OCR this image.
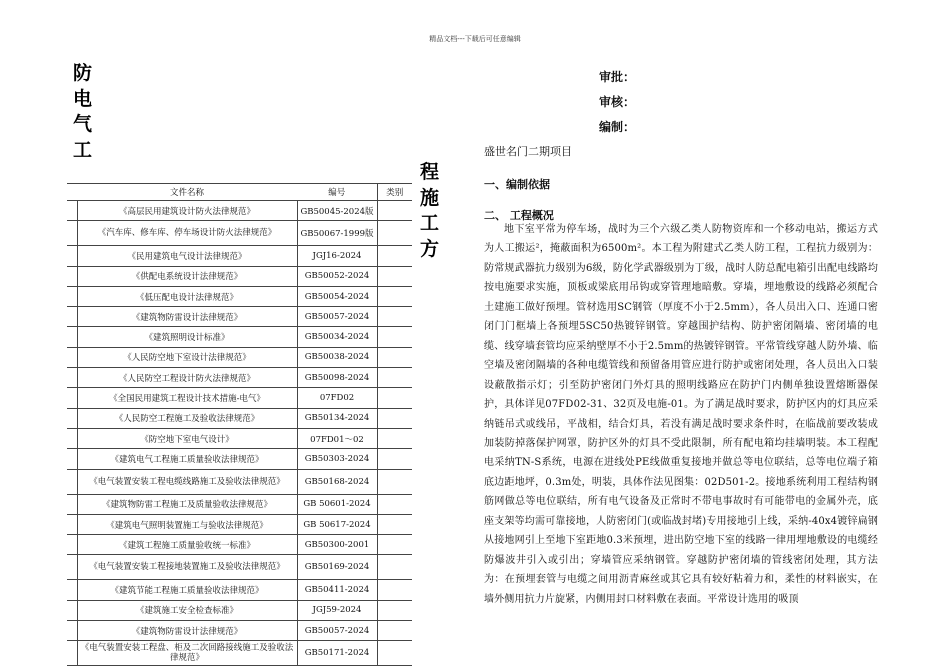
精品文档---下载后可任意编辑
防
电
气
工
程
施
工
方
审批：
审核：
编制：
盛世名门二期项目
一、编制依据
二、 工程概况
	文件名称	编号	类别
	《高层民用建筑设计防火法律规范》	GB50045-2024版	
	《汽车库、修车库、停车场设计防火法律规范》	GB50067-1999版	
	《民用建筑电气设计法律规范》	JGJ16-2024	
	《供配电系统设计法律规范》	GB50052-2024	
	《低压配电设计法律规范》	GB50054-2024	
	《建筑物防雷设计法律规范》	GB50057-2024	
	《建筑照明设计标准》	GB50034-2024	
	《人民防空地下室设计法律规范》	GB50038-2024	
	《人民防空工程设计防火法律规范》	GB50098-2024	
	《全国民用建筑工程设计技术措施-电气》	07FD02	
	《人民防空工程施工及验收法律规范》	GB50134-2024	
	《防空地下室电气设计》	07FD01～02	
	《建筑电气工程施工质量验收法律规范》	GB50303-2024	
	《电气装置安装工程电缆线路施工及验收法律规范》	GB50168-2024	
	《建筑物防雷工程施工及质量验收法律规范》	GB 50601-2024	
	《建筑电气照明装置施工与验收法律规范》	GB 50617-2024	
	《建筑工程施工质量验收统一标准》	GB50300-2001	
	《电气装置安装工程接地装置施工及验收法律规范》	GB50169-2024	
	《建筑节能工程施工质量验收法律规范》	GB50411-2024	
	《建筑施工安全检查标准》	JGJ59-2024	
	《建筑物防雷设计法律规范》	GB50057-2024	
	《电气装置安装工程盘、柜及二次回路接线施工及验收法律规范》	GB50171-2024	

地下室平常为停车场，战时为三个六级乙类人防物资库和一个移动电站，搬运方式为人工搬运²，掩蔽面积为6500m²。本工程为附建式乙类人防工程，工程抗力级别为：防常规武器抗力级别为6级，防化学武器级别为丁级，战时人防总配电箱引出配电线路均按电施要求实施，顶板或梁底用吊钩或穿管理地暗敷。穿墙，埋地敷设的线路必须配合土建施工做好预埋。管材选用SC钢管（厚度不小于2.5mm），各人员出入口、连通口密闭门门框墙上各预埋5SC50热镀锌钢管。穿越围护结构、防护密闭隔墙、密闭墙的电缆、线穿墙套管均应采纳壁厚不小于2.5mm的热镀锌钢管。平常管线穿越人防外墙、临空墙及密闭隔墙的各种电缆管线和预留备用管应进行防护或密闭处理，各人员出入口装设蔽散指示灯；引至防护密闭门外灯具的照明线路应在防护门内侧单独设置熔断器保护，具体详见07FD02-31、32页及电施-01。为了满足战时要求，防护区内的灯具应采纳链吊式或线吊，平战相，结合灯具，若没有满足战时要求条件时，在临战前要改装成加装防掉落保护网罩，防护区外的灯具不受此限制，所有配电箱均挂墙明装。本工程配电采纳TN-S系统，电源在进线处PE线做重复接地并做总等电位联结，总等电位端子箱底边距地坪，0.3m处，明装，具体作法见图集：02D501-2。接地系统利用工程结构钢筋网做总等电位联结，所有电气设备及正常时不带电事故时有可能带电的金属外壳，底座支架等均需可靠接地，人防密闭门(或临战封堵)专用接地引上线，采纳-40x4镀锌扁钢从接地网引上至地下室距地0.3米预埋，进出防空地下室的线路一律用埋地敷设的电缆经防爆波井引入或引出；穿墙管应采纳钢管。穿越防护密闭墙的管线密闭处理，其方法为：在预埋套管与电缆之间用沥青麻丝或其它具有较好粘着力和，柔性的材料嵌实，在墙外侧用抗力片旋紧，内侧用封口材料敷在表面。平常设计选用的吸顶
